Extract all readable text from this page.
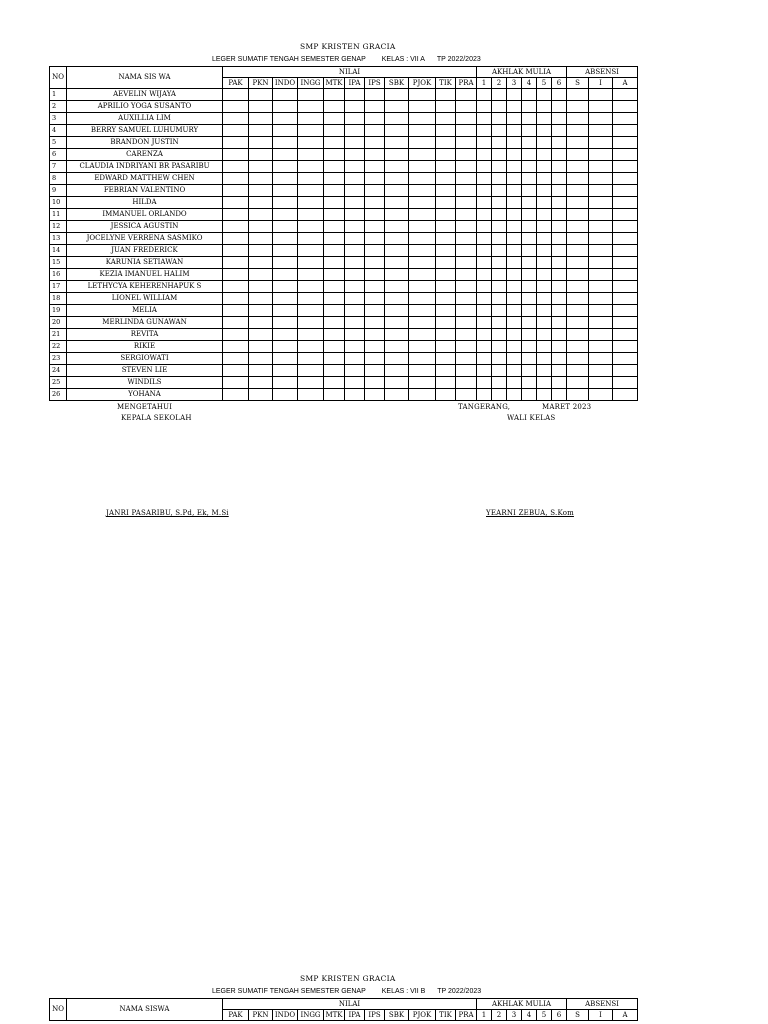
SMP KRISTEN GRACIA
LEGER SUMATIF TENGAH SEMESTER GENAP KELAS : VII A TP 2022/2023
NO	NAMA SIS WA	NILAI											AKHLAK MULIA						ABSENSI		
		PAK	PKN	INDO	INGG	MTK	IPA	IPS	SBK	PJOK	TIK	PRA	1	2	3	4	5	6	S	I	A
1	AEVELIN WIJAYA																				
2	APRILIO YOGA SUSANTO																				
3	AUXILLIA LIM																				
4	BERRY SAMUEL LUHUMURY																				
5	BRANDON JUSTIN																				
6	CARENZA																				
7	CLAUDIA INDRIYANI BR PASARIBU																				
8	EDWARD MATTHEW CHEN																				
9	FEBRIAN VALENTINO																				
10	HILDA																				
11	IMMANUEL ORLANDO																				
12	JESSICA AGUSTIN																				
13	JOCELYNE VERRENA SASMIKO																				
14	JUAN FREDERICK																				
15	KARUNIA SETIAWAN																				
16	KEZIA IMANUEL HALIM																				
17	LETHYCYA KEHERENHAPUK S																				
18	LIONEL WILLIAM																				
19	MELIA																				
20	MERLINDA GUNAWAN																				
21	REVITA																				
22	RIKIE																				
23	SERGIOWATI																				
24	STEVEN LIE																				
25	WINDILS																				
26	YOHANA																				
MENGETAHUI
KEPALA SEKOLAH
TANGERANG,	MARET 2023
WALI KELAS
JANRI PASARIBU, S.Pd, Ek, M.Si	YEARNI ZEBUA, S.Kom
SMP KRISTEN GRACIA
LEGER SUMATIF TENGAH SEMESTER GENAP KELAS : VII B TP 2022/2023
NO	NAMA SISWA	NILAI											AKHLAK MULIA						ABSENSI		
		PAK	PKN	INDO	INGG	MTK	IPA	IPS	SBK	PJOK	TIK	PRA	1	2	3	4	5	6	S	I	A
